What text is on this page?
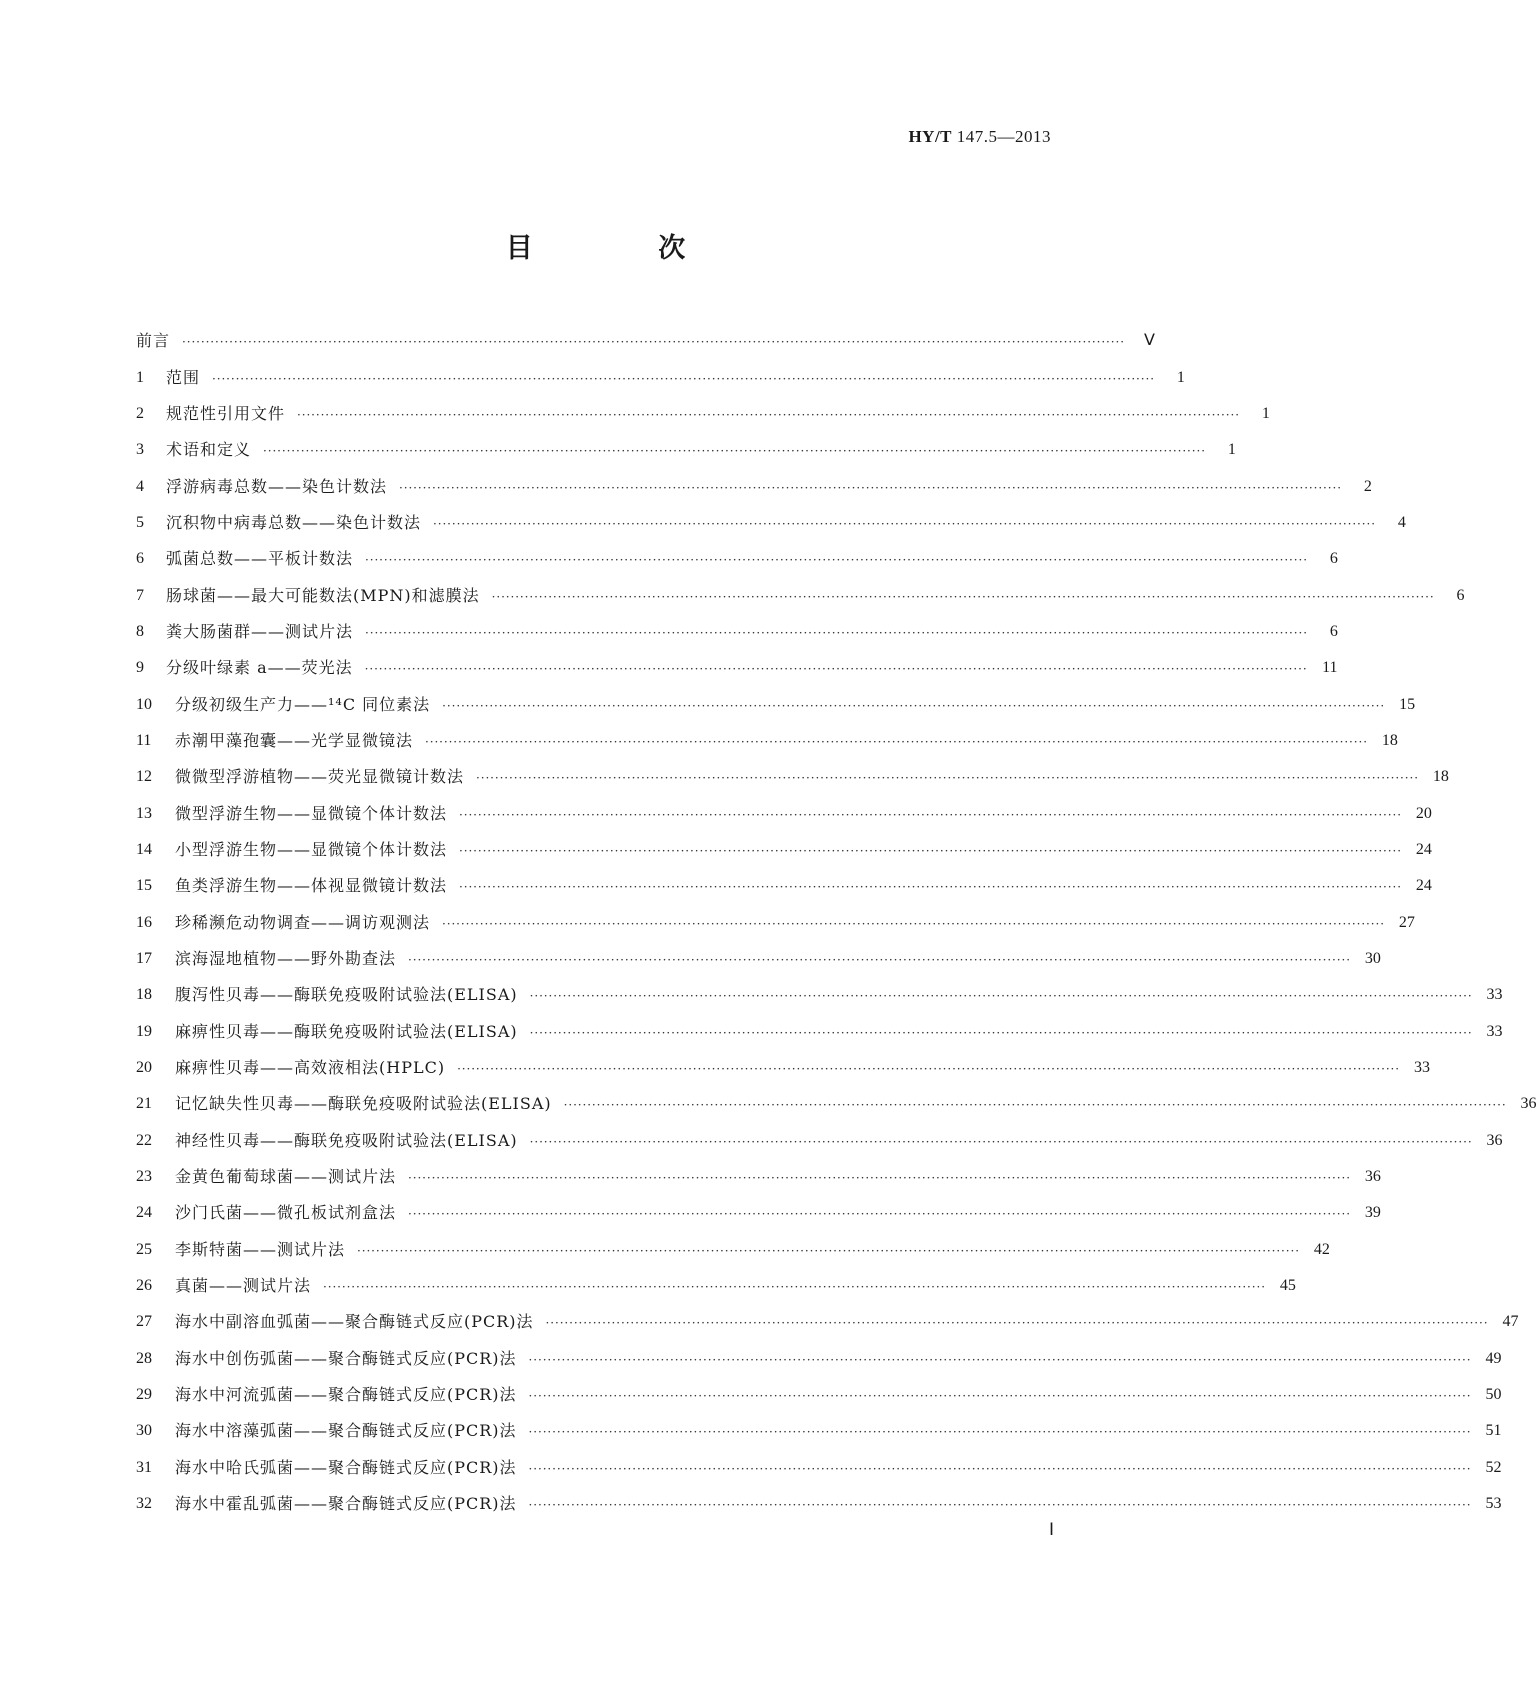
HY/T 147.5—2013
目 次
前言 ········································································································································································································	Ⅴ
1	范围 ········································································································································································································	1
2	规范性引用文件 ········································································································································································································	1
3	术语和定义 ········································································································································································································	1
4	浮游病毒总数——染色计数法 ········································································································································································································	2
5	沉积物中病毒总数——染色计数法 ········································································································································································································	4
6	弧菌总数——平板计数法 ········································································································································································································	6
7	肠球菌——最大可能数法(MPN)和滤膜法 ········································································································································································································	6
8	粪大肠菌群——测试片法 ········································································································································································································	6
9	分级叶绿素 a——荧光法 ········································································································································································································ 11
10	分级初级生产力——¹⁴C 同位素法 ········································································································································································································ 15
11	赤潮甲藻孢囊——光学显微镜法 ········································································································································································································ 18
12	微微型浮游植物——荧光显微镜计数法 ········································································································································································································ 18
13	微型浮游生物——显微镜个体计数法 ········································································································································································································ 20
14	小型浮游生物——显微镜个体计数法 ········································································································································································································ 24
15	鱼类浮游生物——体视显微镜计数法 ········································································································································································································ 24
16	珍稀濒危动物调查——调访观测法 ········································································································································································································ 27
17	滨海湿地植物——野外勘查法 ········································································································································································································ 30
18	腹泻性贝毒——酶联免疫吸附试验法(ELISA) ········································································································································································································ 33
19	麻痹性贝毒——酶联免疫吸附试验法(ELISA) ········································································································································································································ 33
20	麻痹性贝毒——高效液相法(HPLC) ········································································································································································································ 33
21	记忆缺失性贝毒——酶联免疫吸附试验法(ELISA) ········································································································································································································ 36
22	神经性贝毒——酶联免疫吸附试验法(ELISA) ········································································································································································································ 36
23	金黄色葡萄球菌——测试片法 ········································································································································································································ 36
24	沙门氏菌——微孔板试剂盒法 ········································································································································································································ 39
25	李斯特菌——测试片法 ········································································································································································································ 42
26	真菌——测试片法 ········································································································································································································ 45
27	海水中副溶血弧菌——聚合酶链式反应(PCR)法 ········································································································································································································ 47
28	海水中创伤弧菌——聚合酶链式反应(PCR)法 ········································································································································································································ 49
29	海水中河流弧菌——聚合酶链式反应(PCR)法 ········································································································································································································ 50
30	海水中溶藻弧菌——聚合酶链式反应(PCR)法 ········································································································································································································ 51
31	海水中哈氏弧菌——聚合酶链式反应(PCR)法 ········································································································································································································ 52
32	海水中霍乱弧菌——聚合酶链式反应(PCR)法 ········································································································································································································ 53
Ⅰ
